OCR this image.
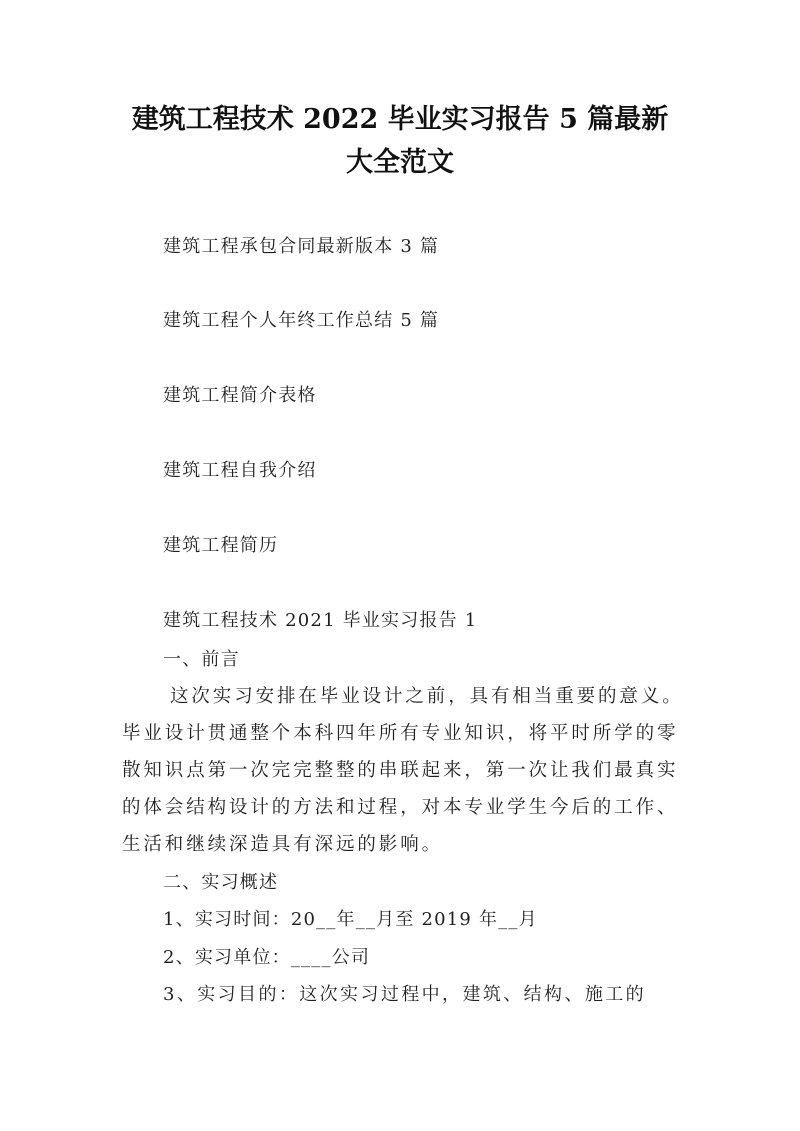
建筑工程技术 2022 毕业实习报告 5 篇最新
大全范文
建筑工程承包合同最新版本 3 篇
建筑工程个人年终工作总结 5 篇
建筑工程简介表格
建筑工程自我介绍
建筑工程简历
建筑工程技术 2021 毕业实习报告 1
一、前言
这次实习安排在毕业设计之前，具有相当重要的意义。
毕业设计贯通整个本科四年所有专业知识，将平时所学的零
散知识点第一次完完整整的串联起来，第一次让我们最真实
的体会结构设计的方法和过程，对本专业学生今后的工作、
生活和继续深造具有深远的影响。
二、实习概述
1、实习时间：20__年__月至 2019 年__月
2、实习单位：____公司
3、实习目的：这次实习过程中，建筑、结构、施工的
